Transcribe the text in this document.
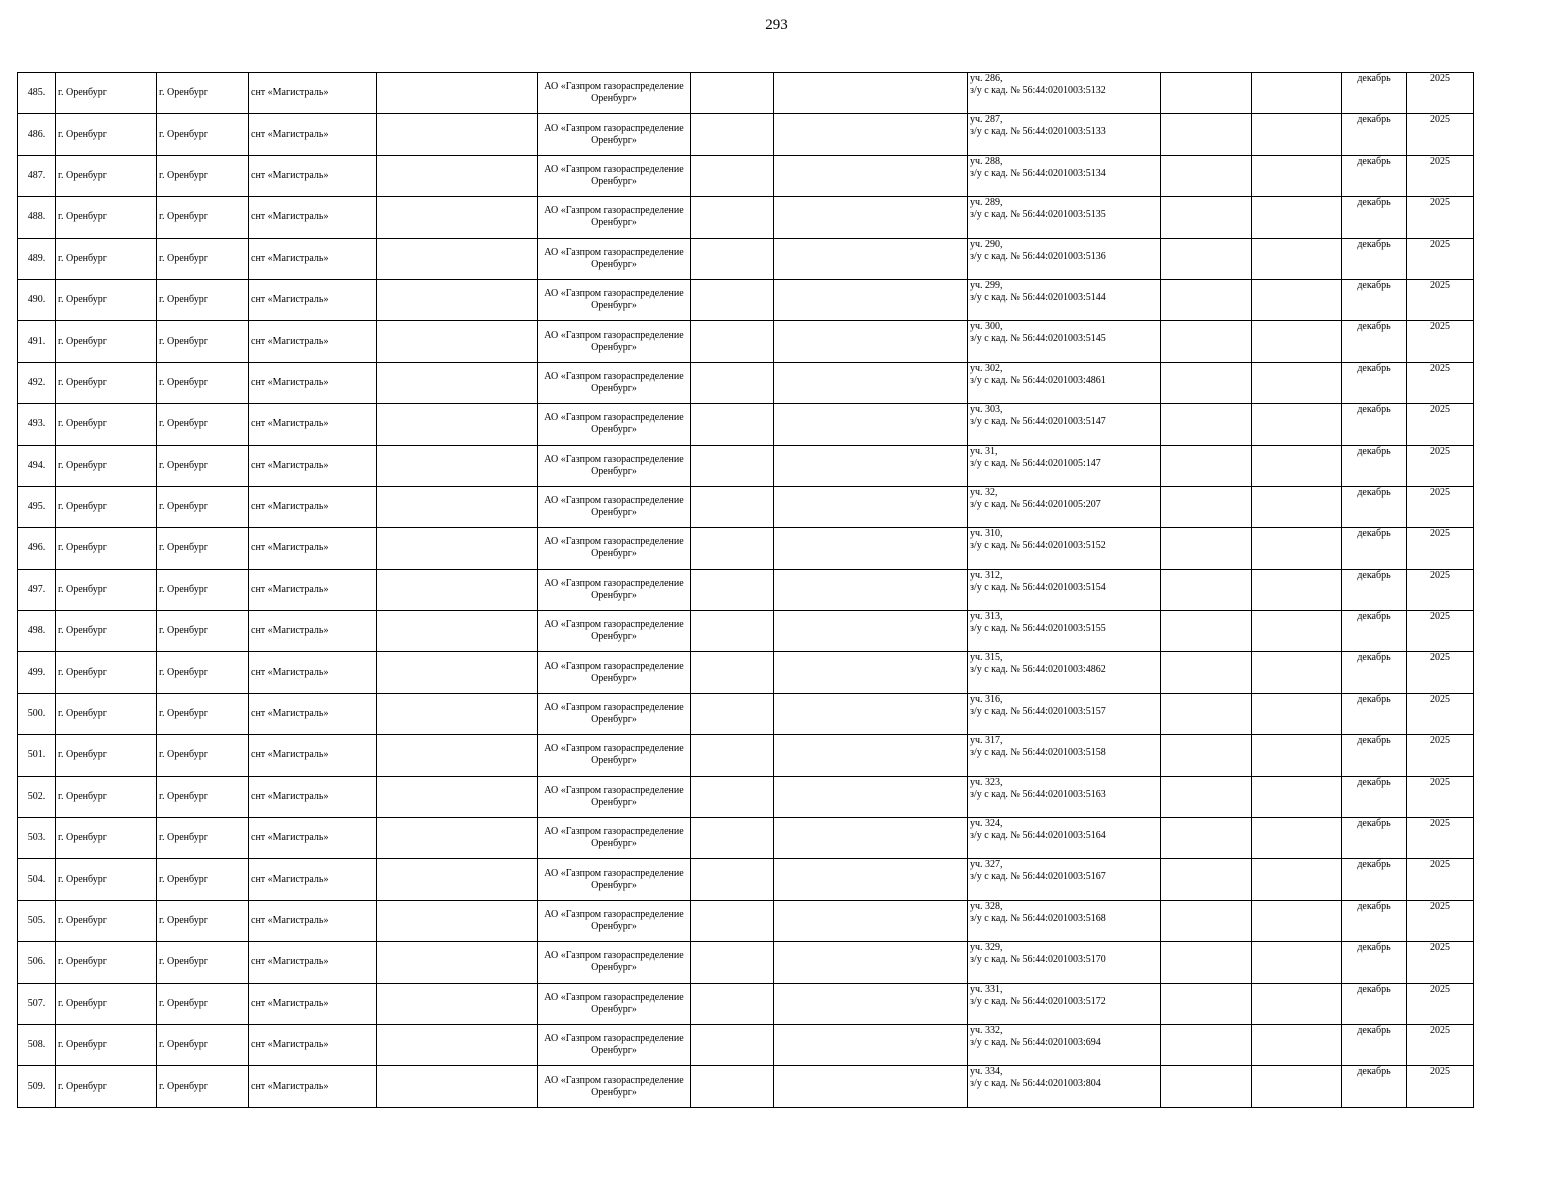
293
485.	г. Оренбург	г. Оренбург	снт «Магистраль»		АО «Газпром газораспределение Оренбург»			уч. 286,
з/у с кад. № 56:44:0201003:5132			декабрь	2025
486.	г. Оренбург	г. Оренбург	снт «Магистраль»		АО «Газпром газораспределение Оренбург»			уч. 287,
з/у с кад. № 56:44:0201003:5133			декабрь	2025
487.	г. Оренбург	г. Оренбург	снт «Магистраль»		АО «Газпром газораспределение Оренбург»			уч. 288,
з/у с кад. № 56:44:0201003:5134			декабрь	2025
488.	г. Оренбург	г. Оренбург	снт «Магистраль»		АО «Газпром газораспределение Оренбург»			уч. 289,
з/у с кад. № 56:44:0201003:5135			декабрь	2025
489.	г. Оренбург	г. Оренбург	снт «Магистраль»		АО «Газпром газораспределение Оренбург»			уч. 290,
з/у с кад. № 56:44:0201003:5136			декабрь	2025
490.	г. Оренбург	г. Оренбург	снт «Магистраль»		АО «Газпром газораспределение Оренбург»			уч. 299,
з/у с кад. № 56:44:0201003:5144			декабрь	2025
491.	г. Оренбург	г. Оренбург	снт «Магистраль»		АО «Газпром газораспределение Оренбург»			уч. 300,
з/у с кад. № 56:44:0201003:5145			декабрь	2025
492.	г. Оренбург	г. Оренбург	снт «Магистраль»		АО «Газпром газораспределение Оренбург»			уч. 302,
з/у с кад. № 56:44:0201003:4861			декабрь	2025
493.	г. Оренбург	г. Оренбург	снт «Магистраль»		АО «Газпром газораспределение Оренбург»			уч. 303,
з/у с кад. № 56:44:0201003:5147			декабрь	2025
494.	г. Оренбург	г. Оренбург	снт «Магистраль»		АО «Газпром газораспределение Оренбург»			уч. 31,
з/у с кад. № 56:44:0201005:147			декабрь	2025
495.	г. Оренбург	г. Оренбург	снт «Магистраль»		АО «Газпром газораспределение Оренбург»			уч. 32,
з/у с кад. № 56:44:0201005:207			декабрь	2025
496.	г. Оренбург	г. Оренбург	снт «Магистраль»		АО «Газпром газораспределение Оренбург»			уч. 310,
з/у с кад. № 56:44:0201003:5152			декабрь	2025
497.	г. Оренбург	г. Оренбург	снт «Магистраль»		АО «Газпром газораспределение Оренбург»			уч. 312,
з/у с кад. № 56:44:0201003:5154			декабрь	2025
498.	г. Оренбург	г. Оренбург	снт «Магистраль»		АО «Газпром газораспределение Оренбург»			уч. 313,
з/у с кад. № 56:44:0201003:5155			декабрь	2025
499.	г. Оренбург	г. Оренбург	снт «Магистраль»		АО «Газпром газораспределение Оренбург»			уч. 315,
з/у с кад. № 56:44:0201003:4862			декабрь	2025
500.	г. Оренбург	г. Оренбург	снт «Магистраль»		АО «Газпром газораспределение Оренбург»			уч. 316,
з/у с кад. № 56:44:0201003:5157			декабрь	2025
501.	г. Оренбург	г. Оренбург	снт «Магистраль»		АО «Газпром газораспределение Оренбург»			уч. 317,
з/у с кад. № 56:44:0201003:5158			декабрь	2025
502.	г. Оренбург	г. Оренбург	снт «Магистраль»		АО «Газпром газораспределение Оренбург»			уч. 323,
з/у с кад. № 56:44:0201003:5163			декабрь	2025
503.	г. Оренбург	г. Оренбург	снт «Магистраль»		АО «Газпром газораспределение Оренбург»			уч. 324,
з/у с кад. № 56:44:0201003:5164			декабрь	2025
504.	г. Оренбург	г. Оренбург	снт «Магистраль»		АО «Газпром газораспределение Оренбург»			уч. 327,
з/у с кад. № 56:44:0201003:5167			декабрь	2025
505.	г. Оренбург	г. Оренбург	снт «Магистраль»		АО «Газпром газораспределение Оренбург»			уч. 328,
з/у с кад. № 56:44:0201003:5168			декабрь	2025
506.	г. Оренбург	г. Оренбург	снт «Магистраль»		АО «Газпром газораспределение Оренбург»			уч. 329,
з/у с кад. № 56:44:0201003:5170			декабрь	2025
507.	г. Оренбург	г. Оренбург	снт «Магистраль»		АО «Газпром газораспределение Оренбург»			уч. 331,
з/у с кад. № 56:44:0201003:5172			декабрь	2025
508.	г. Оренбург	г. Оренбург	снт «Магистраль»		АО «Газпром газораспределение Оренбург»			уч. 332,
з/у с кад. № 56:44:0201003:694			декабрь	2025
509.	г. Оренбург	г. Оренбург	снт «Магистраль»		АО «Газпром газораспределение Оренбург»			уч. 334,
з/у с кад. № 56:44:0201003:804			декабрь	2025
